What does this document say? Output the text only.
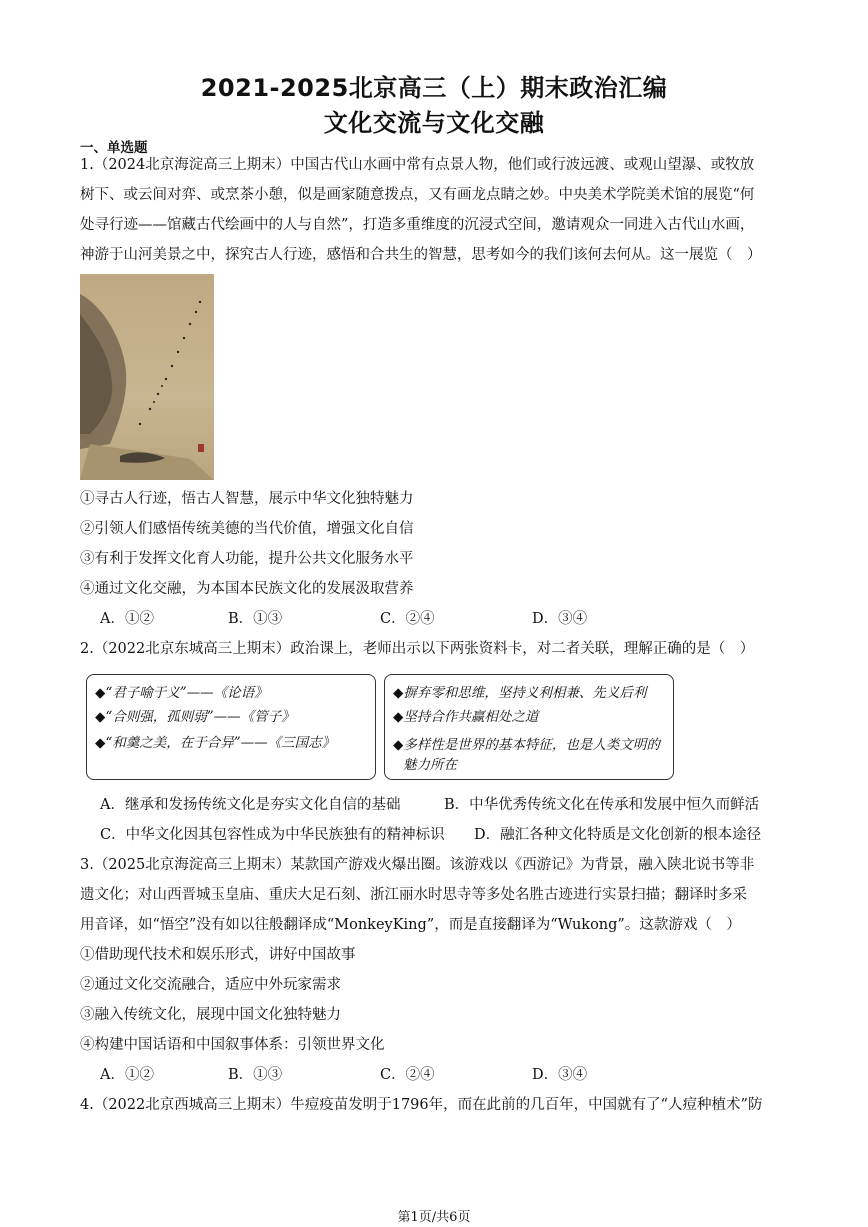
2021-2025北京高三（上）期末政治汇编
文化交流与文化交融
一、单选题
1.（2024北京海淀高三上期末）中国古代山水画中常有点景人物，他们或行波远渡、或观山望瀑、或牧放
树下、或云间对弈、或烹茶小憩，似是画家随意拨点，又有画龙点睛之妙。中央美术学院美术馆的展览“何
处寻行迹——馆藏古代绘画中的人与自然”，打造多重维度的沉浸式空间，邀请观众一同进入古代山水画，
神游于山河美景之中，探究古人行迹，感悟和合共生的智慧，思考如今的我们该何去何从。这一展览（　）
①寻古人行迹，悟古人智慧，展示中华文化独特魅力
②引领人们感悟传统美德的当代价值，增强文化自信
③有利于发挥文化育人功能，提升公共文化服务水平
④通过文化交融，为本国本民族文化的发展汲取营养
A．①②	B．①③	C．②④	D．③④
2.（2022北京东城高三上期末）政治课上，老师出示以下两张资料卡，对二者关联，理解正确的是（　）
◆“君子喻于义”——《论语》
◆“合则强，孤则弱”——《管子》
◆“和羹之美，在于合异”——《三国志》
◆摒弃零和思维，坚持义利相兼、先义后利
◆坚持合作共赢相处之道
◆多样性是世界的基本特征，也是人类文明的
魅力所在
A．继承和发扬传统文化是夯实文化自信的基础	B．中华优秀传统文化在传承和发展中恒久而鲜活
C．中华文化因其包容性成为中华民族独有的精神标识 D．融汇各种文化特质是文化创新的根本途径
3.（2025北京海淀高三上期末）某款国产游戏火爆出圈。该游戏以《西游记》为背景，融入陕北说书等非
遗文化；对山西晋城玉皇庙、重庆大足石刻、浙江丽水时思寺等多处名胜古迹进行实景扫描；翻译时多采
用音译，如“悟空”没有如以往般翻译成“MonkeyKing”，而是直接翻译为“Wukong”。这款游戏（　）
①借助现代技术和娱乐形式，讲好中国故事
②通过文化交流融合，适应中外玩家需求
③融入传统文化，展现中国文化独特魅力
④构建中国话语和中国叙事体系：引领世界文化
A．①②	B．①③	C．②④	D．③④
4.（2022北京西城高三上期末）牛痘疫苗发明于1796年，而在此前的几百年，中国就有了“人痘种植术”防
第1页/共6页
